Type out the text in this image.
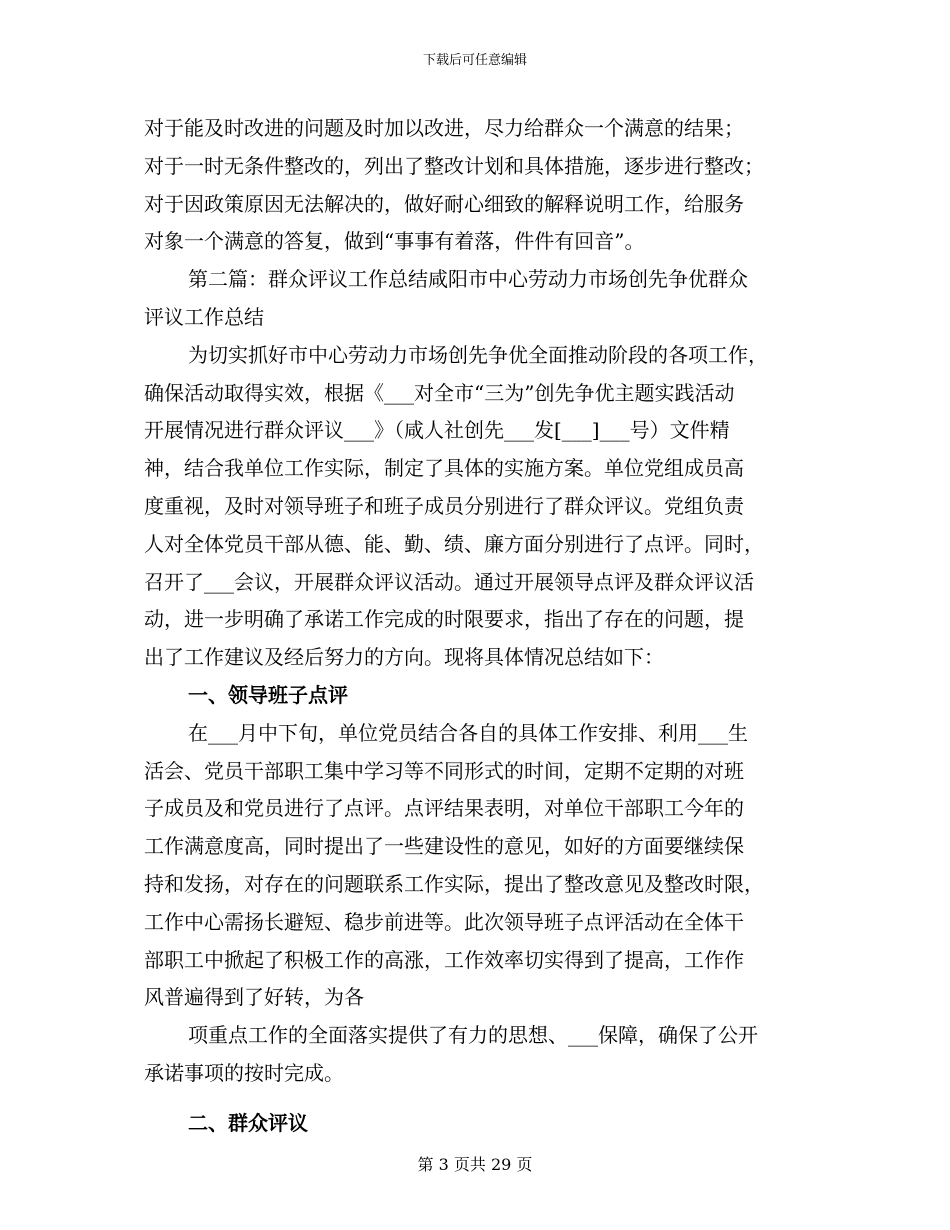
下载后可任意编辑
对于能及时改进的问题及时加以改进，尽力给群众一个满意的结果；
对于一时无条件整改的，列出了整改计划和具体措施，逐步进行整改；
对于因政策原因无法解决的，做好耐心细致的解释说明工作，给服务
对象一个满意的答复，做到“事事有着落，件件有回音”。
第二篇：群众评议工作总结咸阳市中心劳动力市场创先争优群众
评议工作总结
为切实抓好市中心劳动力市场创先争优全面推动阶段的各项工作，
确保活动取得实效，根据《___对全市“三为”创先争优主题实践活动
开展情况进行群众评议___》（咸人社创先___发[___]___号）文件精
神，结合我单位工作实际，制定了具体的实施方案。单位党组成员高
度重视，及时对领导班子和班子成员分别进行了群众评议。党组负责
人对全体党员干部从德、能、勤、绩、廉方面分别进行了点评。同时，
召开了___会议，开展群众评议活动。通过开展领导点评及群众评议活
动，进一步明确了承诺工作完成的时限要求，指出了存在的问题，提
出了工作建议及经后努力的方向。现将具体情况总结如下：
一、领导班子点评
在___月中下旬，单位党员结合各自的具体工作安排、利用___生
活会、党员干部职工集中学习等不同形式的时间，定期不定期的对班
子成员及和党员进行了点评。点评结果表明，对单位干部职工今年的
工作满意度高，同时提出了一些建设性的意见，如好的方面要继续保
持和发扬，对存在的问题联系工作实际，提出了整改意见及整改时限，
工作中心需扬长避短、稳步前进等。此次领导班子点评活动在全体干
部职工中掀起了积极工作的高涨，工作效率切实得到了提高，工作作
风普遍得到了好转，为各
项重点工作的全面落实提供了有力的思想、___保障，确保了公开
承诺事项的按时完成。
二、群众评议
第 3 页共 29 页
